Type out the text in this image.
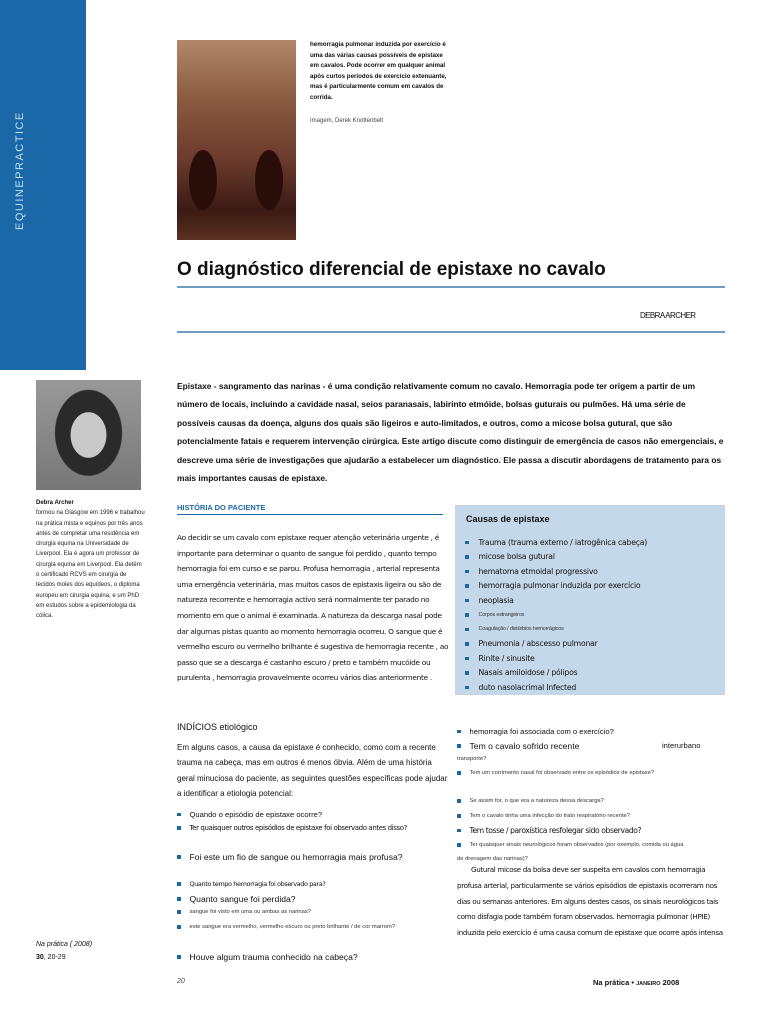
EQUINEPRACTICE
hemorragia pulmonar induzida por exercício é uma das várias causas possíveis de epistaxe em cavalos. Pode ocorrer em qualquer animal após curtos períodos de exercício extenuante, mas é particularmente comum em cavalos de corrida.
Imagem, Derek Knottenbelt
O diagnóstico diferencial de epistaxe no cavalo
DEBRA ARCHER
Epistaxe - sangramento das narinas - é uma condição relativamente comum no cavalo. Hemorragia pode ter origem a partir de um número de locais, incluindo a cavidade nasal, seios paranasais, labirinto etmóide, bolsas guturais ou pulmões. Há uma série de possíveis causas da doença, alguns dos quais são ligeiros e auto-limitados, e outros, como a micose bolsa gutural, que são potencialmente fatais e requerem intervenção cirúrgica. Este artigo discute como distinguir de emergência de casos não emergenciais, e descreve uma série de investigações que ajudarão a estabelecer um diagnóstico. Ele passa a discutir abordagens de tratamento para os mais importantes causas de epistaxe.
Debra Archer
formou na Glasgow em 1996 e trabalhou na prática mista e equinos por três anos antes de completar uma residência em cirurgia equina na Universidade de Liverpool. Ela é agora um professor de cirurgia equina em Liverpool. Ela detém o certificado RCVS em cirurgia de tecidos moles dos equídeos, o diploma europeu em cirurgia equina, e um PhD em estudos sobre a epidemiologia da cólica.
HISTÓRIA DO PACIENTE
Ao decidir se um cavalo com epistaxe requer atenção veterinária urgente , é importante para determinar o quanto de sangue foi perdido , quanto tempo hemorragia foi em curso e se parou. Profusa hemorragia , arterial representa uma emergência veterinária, mas muitos casos de epistaxis ligeira ou são de natureza recorrente e hemorragia activo será normalmente ter parado no momento em que o animal é examinada. A natureza da descarga nasal pode dar algumas pistas quanto ao momento hemorragia ocorreu. O sangue que é vermelho escuro ou vermelho brilhante é sugestiva de hemorragia recente , ao passo que se a descarga é castanho escuro / preto e também mucóide ou purulenta , hemorragia provavelmente ocorreu vários dias anteriormente .
Causas de epistaxe
Trauma (trauma externo / iatrogênica cabeça)
micose bolsa gutural
hematoma etmoidal progressivo
hemorragia pulmonar induzida por exercício
neoplasia
Corpos estrangeiros
Coagulação / distúrbios hemorrágicos
Pneumonia / abscesso pulmonar
Rinite / sinusite
Nasais amiloidose / pólipos
duto nasolacrimal Infected
INDÍCIOS etiológico
Em alguns casos, a causa da epistaxe é conhecido, como com a recente trauma na cabeça, mas em outros é menos óbvia. Além de uma história geral minuciosa do paciente, as seguintes questões específicas pode ajudar a identificar a etiologia potencial:
Quando o episódio de epistaxe ocorre?
Ter quaisquer outros episódios de epistaxe foi observado antes disso?
Foi este um fio de sangue ou hemorragia mais profusa?
Quanto tempo hemorragia foi observado para?
Quanto sangue foi perdida?
sangue foi visto em uma ou ambas as narinas?
este sangue era vermelho, vermelho escuro ou preto brilhante / de cor marrom?
Houve algum trauma conhecido na cabeça?
hemorragia foi associada com o exercício?
Tem o cavalo sofrido recente	interurbano
transporte?
Tem um corrimento nasal foi observado entre os episódios de epistaxe?
Se assim for, o que era a natureza dessa descarga?
Tem o cavalo tinha uma infecção do trato respiratório recente?
Tem tosse / paroxística resfolegar sido observado?
Ter quaisquer sinais neurológicos foram observados (por exemplo, comida ou água
de drenagem das narinas)?
Gutural micose da bolsa deve ser suspeita em cavalos com hemorragia profusa arterial, particularmente se vários episódios de epistaxis ocorreram nos dias ou semanas anteriores. Em alguns destes casos, os sinais neurológicos tais como disfagia pode também foram observados. hemorragia pulmonar (HPIE) induzida pelo exercício é uma causa comum de epistaxe que ocorre após intensa
Na prática ( 2008)
30, 20-29
20	Na prática • JANEIRO 2008
